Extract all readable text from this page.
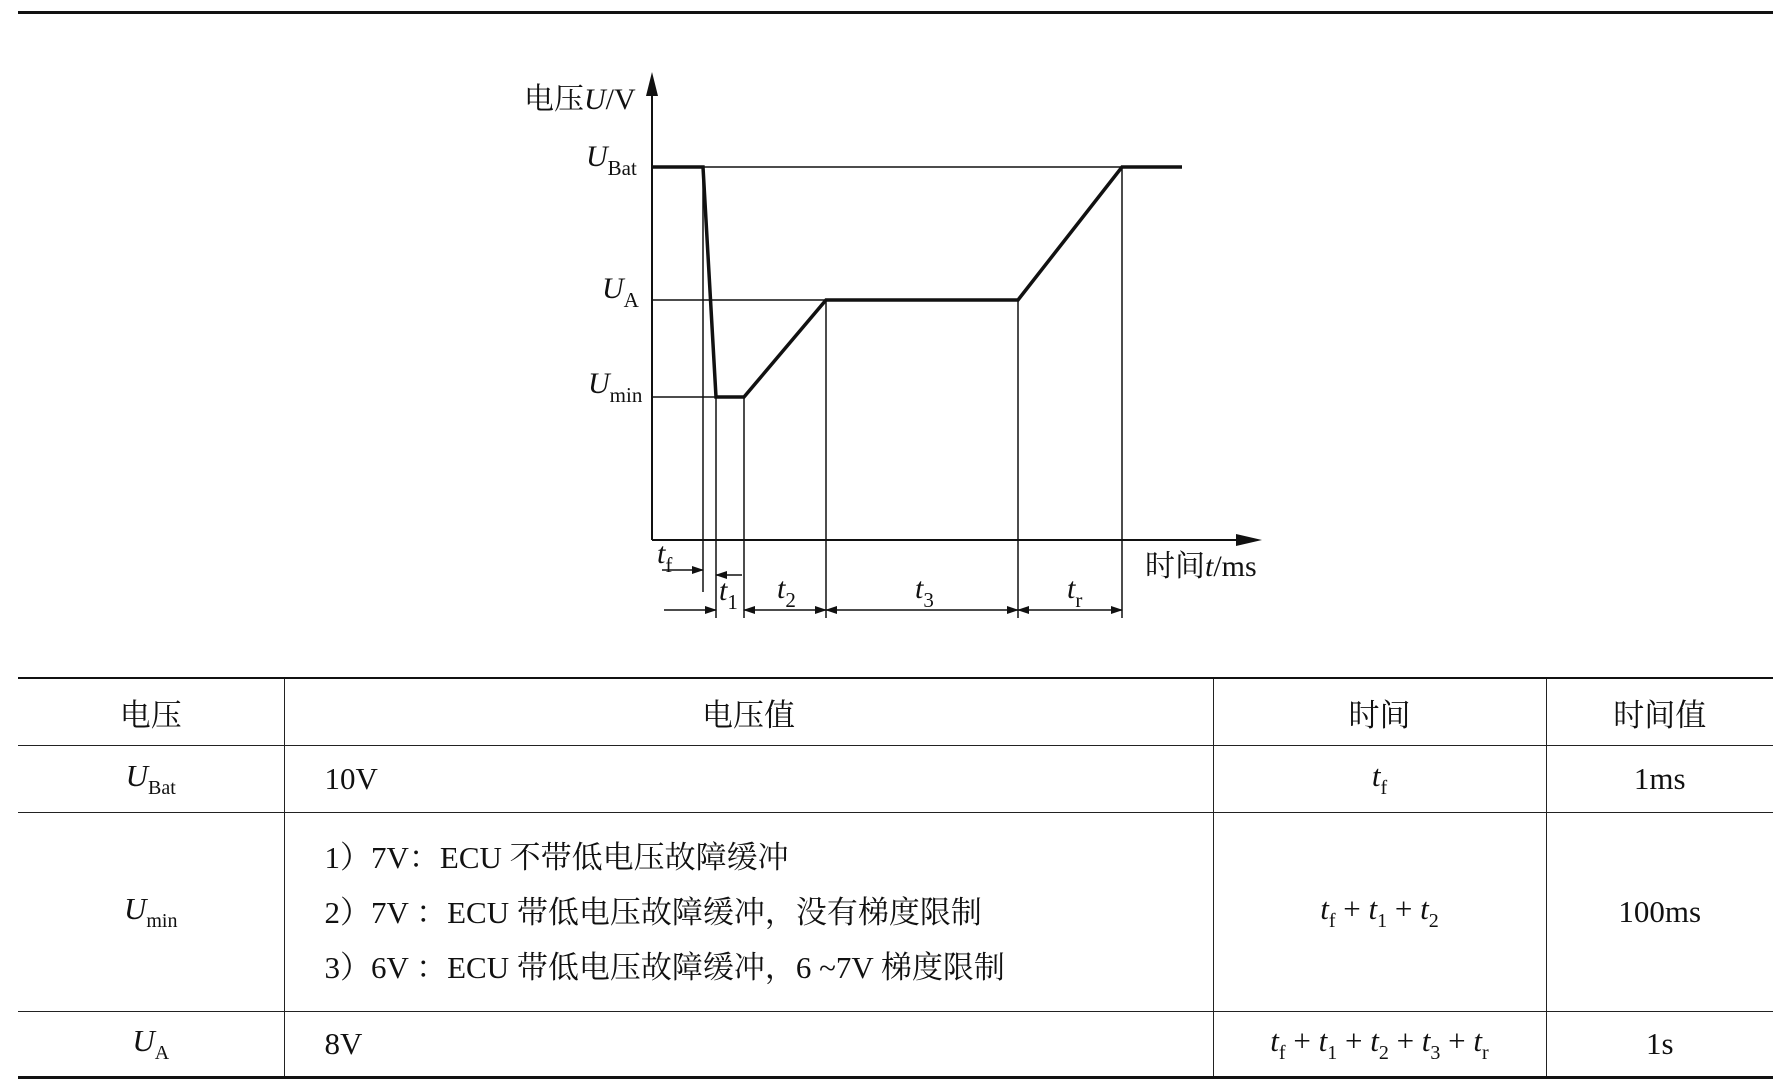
电压U/V
时间t/ms
$U_{Bat}$
$U_A$
$U_{min}$
$t_f$
$t_1$ $t_2$	$t_3$	$t_r$
电压	电压值	时间	时间值
$U_{Bat}$	10V	$t_f$	1ms
$U_{min}$	1）7V：ECU 不带低电压故障缓冲
2）7V ：ECU 带低电压故障缓冲，没有梯度限制
3）6V ：ECU 带低电压故障缓冲，6 ~7V 梯度限制	$t_f + t_1 + t_2$	100ms
$U_A$	8V	$t_f + t_1 + t_2 + t_3 + t_r$	1s
